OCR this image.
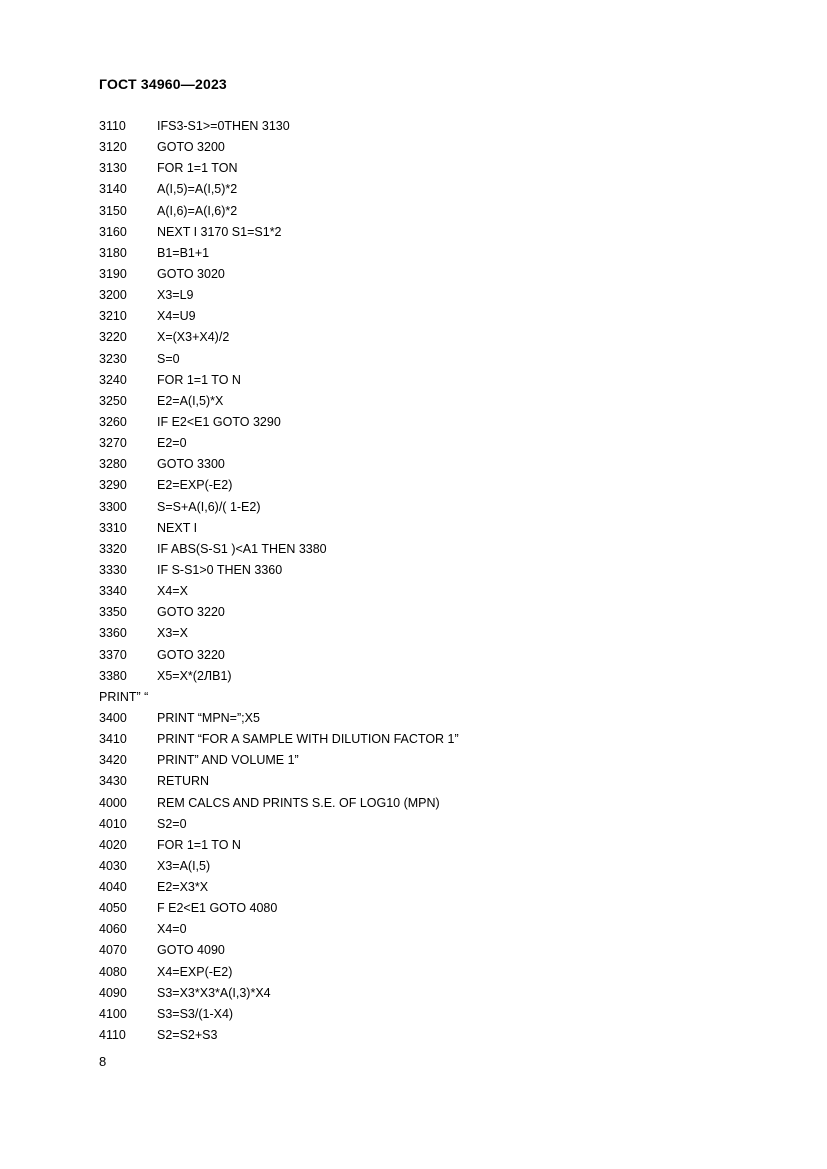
ГОСТ 34960—2023
3110 IFS3-S1>=0THEN 3130
3120 GOTO 3200
3130 FOR 1=1 TON
3140 A(I,5)=A(I,5)*2
3150 A(I,6)=A(I,6)*2
3160 NEXT I 3170 S1=S1*2
3180 B1=B1+1
3190 GOTO 3020
3200 X3=L9
3210 X4=U9
3220 X=(X3+X4)/2
3230 S=0
3240 FOR 1=1 TO N
3250 E2=A(I,5)*X
3260 IF E2<E1 GOTO 3290
3270 E2=0
3280 GOTO 3300
3290 E2=EXP(-E2)
3300 S=S+A(I,6)/( 1-E2)
3310 NEXT I
3320 IF ABS(S-S1 )<A1 THEN 3380
3330 IF S-S1>0 THEN 3360
3340 X4=X
3350 GOTO 3220
3360 X3=X
3370 GOTO 3220
3380 X5=X*(2ЛВ1)
PRINT” “
3400 PRINT “MPN=”;X5
3410 PRINT “FOR A SAMPLE WITH DILUTION FACTOR 1”
3420 PRINT” AND VOLUME 1”
3430 RETURN
4000 REM CALCS AND PRINTS S.E. OF LOG10 (MPN)
4010 S2=0
4020 FOR 1=1 TO N
4030 X3=A(I,5)
4040 E2=X3*X
4050 F E2<E1 GOTO 4080
4060 X4=0
4070 GOTO 4090
4080 X4=EXP(-E2)
4090 S3=X3*X3*A(I,3)*X4
4100 S3=S3/(1-X4)
4110 S2=S2+S3
8
